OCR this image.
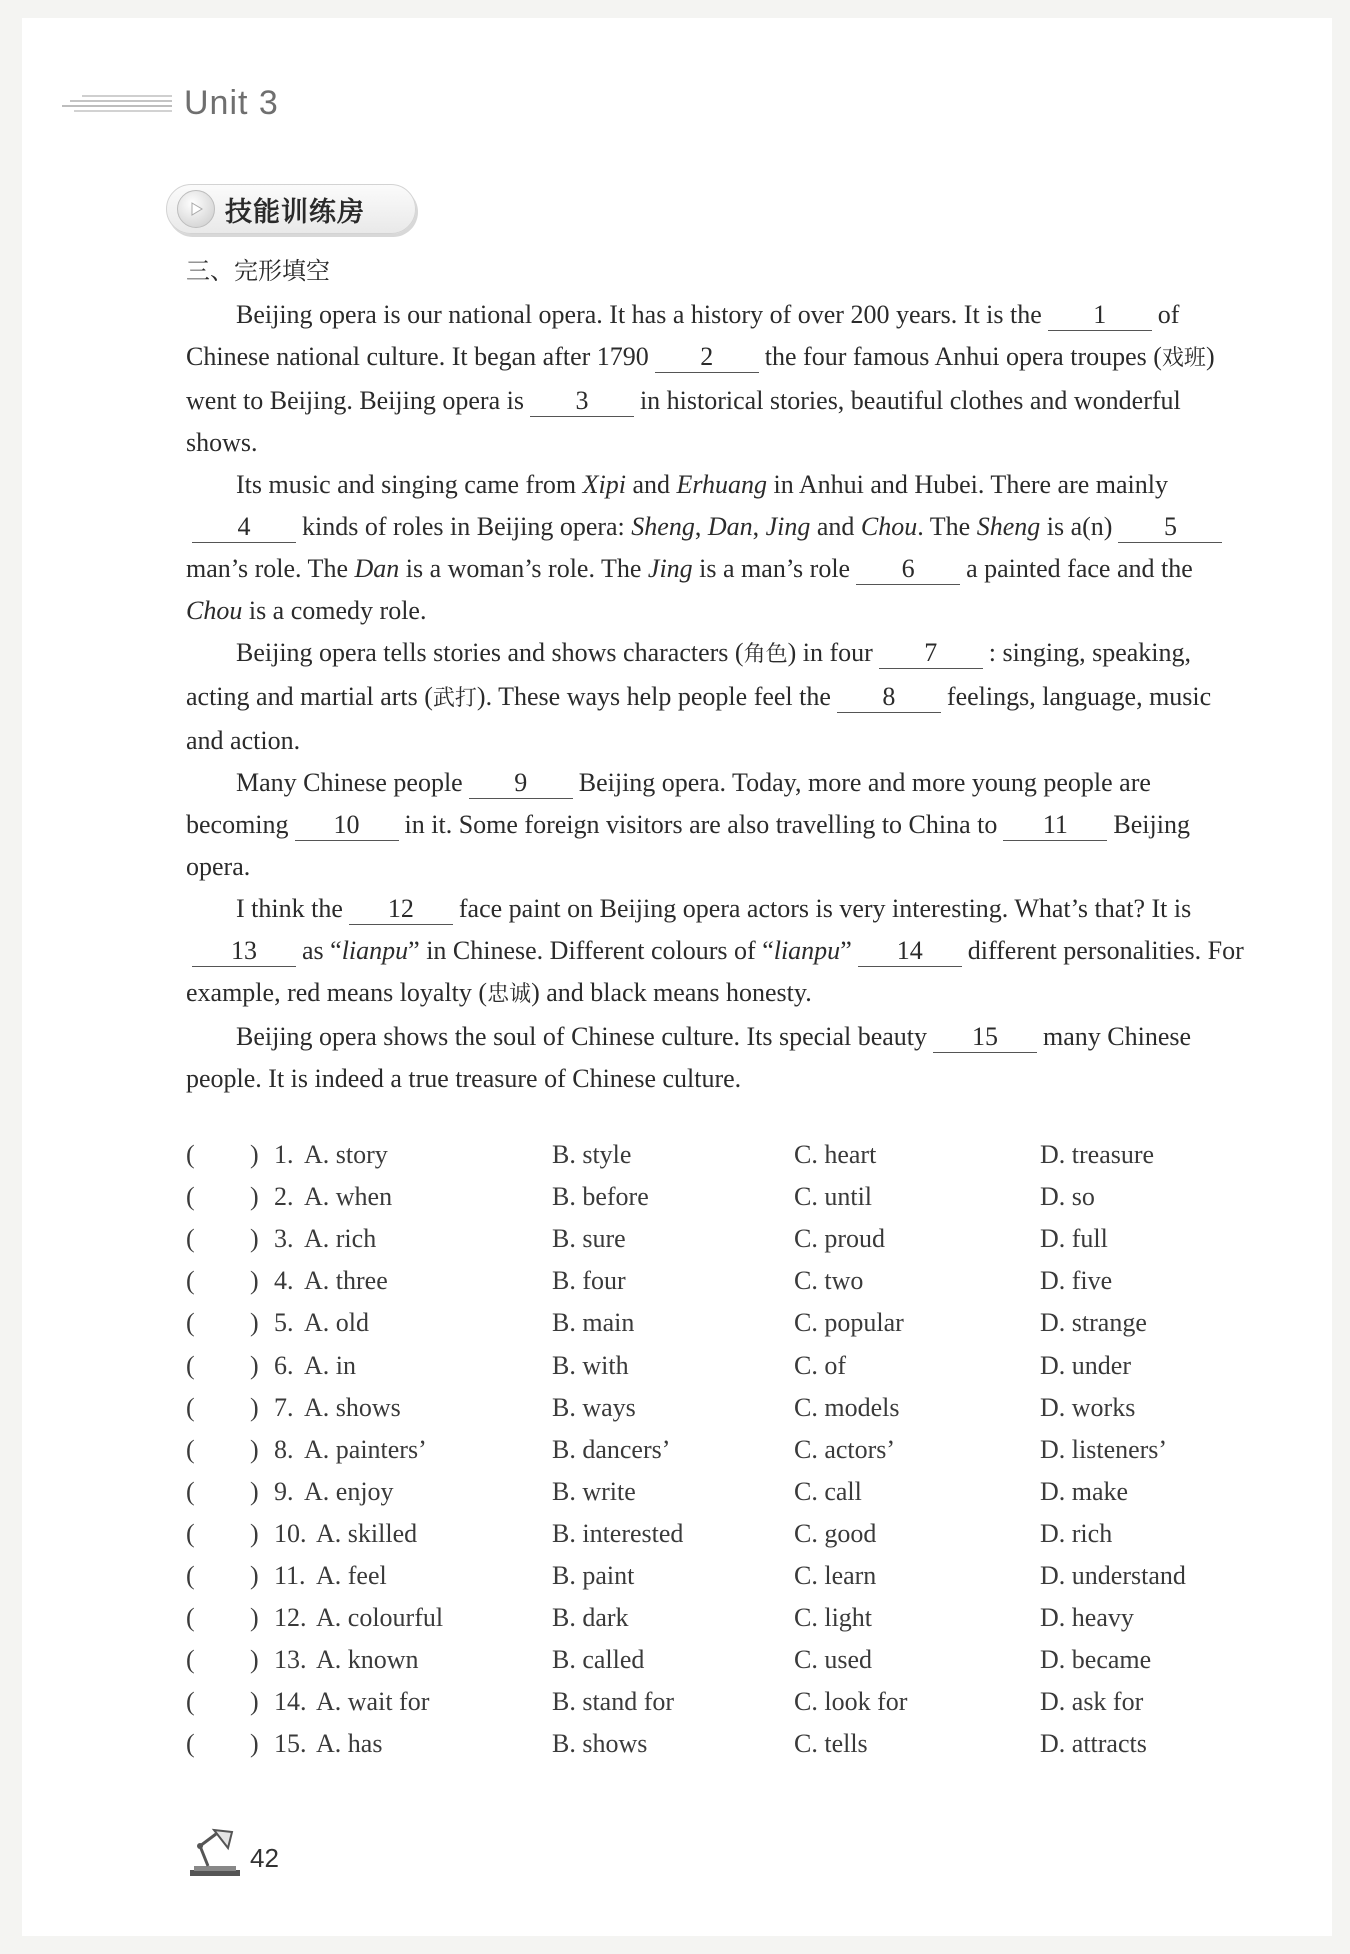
Unit 3
技能训练房
三、完形填空

Beijing opera is our national opera. It has a history of over 200 years. It is the 1 of Chinese national culture. It began after 1790 2 the four famous Anhui opera troupes (戏班) went to Beijing. Beijing opera is 3 in historical stories, beautiful clothes and wonderful shows.

Its music and singing came from Xipi and Erhuang in Anhui and Hubei. There are mainly4 kinds of roles in Beijing opera: Sheng, Dan, Jing and Chou. The Sheng is a(n) 5man’s role. The Dan is a woman’s role. The Jing is a man’s role 6 a painted face and the Chou is a comedy role.

Beijing opera tells stories and shows characters (角色) in four 7 : singing, speaking, acting and martial arts (武打). These ways help people feel the 8 feelings, language, music and action.

Many Chinese people 9 Beijing opera. Today, more and more young people are becoming 10 in it. Some foreign visitors are also travelling to China to 11 Beijing opera.

I think the 12 face paint on Beijing opera actors is very interesting. What’s that? It is13 as “lianpu” in Chinese. Different colours of “lianpu” 14 different personalities. For example, red means loyalty (忠诚) and black means honesty.

Beijing opera shows the soul of Chinese culture. Its special beauty 15 many Chinese people. It is indeed a true treasure of Chinese culture.

( ) 1. A. story	B. style	C. heart	D. treasure
( ) 2. A. when	B. before	C. until	D. so
( ) 3. A. rich	B. sure	C. proud	D. full
( ) 4. A. three	B. four	C. two	D. five
( ) 5. A. old	B. main	C. popular	D. strange
( ) 6. A. in	B. with	C. of	D. under
( ) 7. A. shows	B. ways	C. models	D. works
( ) 8. A. painters’	B. dancers’	C. actors’	D. listeners’
( ) 9. A. enjoy	B. write	C. call	D. make
( ) 10. A. skilled	B. interested	C. good	D. rich
( ) 11. A. feel	B. paint	C. learn	D. understand
( ) 12. A. colourful	B. dark	C. light	D. heavy
( ) 13. A. known	B. called	C. used	D. became
( ) 14. A. wait for	B. stand for	C. look for	D. ask for
( ) 15. A. has	B. shows	C. tells	D. attracts
42
